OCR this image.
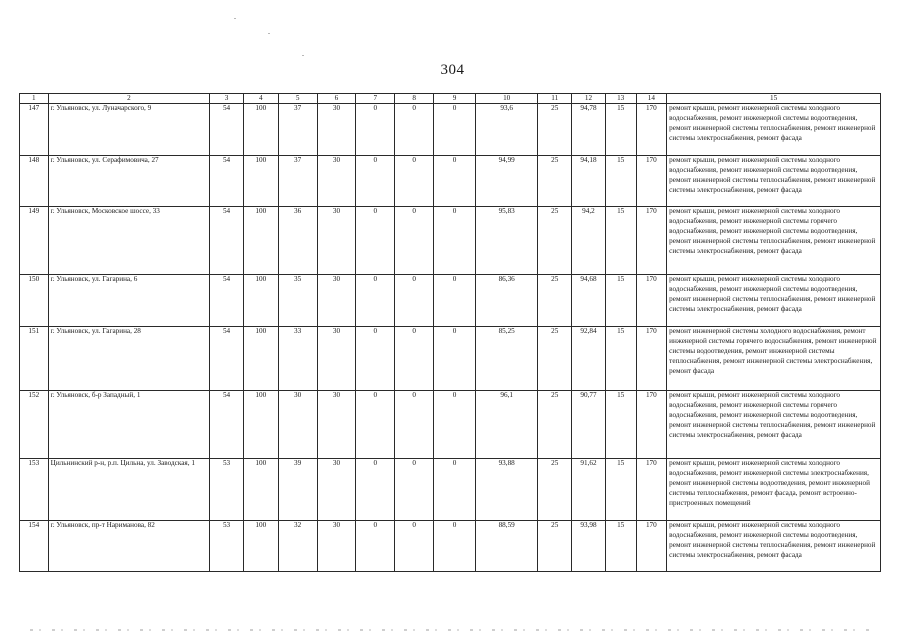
304
1	2	3	4	5	6	7	8	9	10	11	12	13	14	15
147	г. Ульяновск, ул. Луначарского, 9	54	100	37	30	0	0	0	93,6	25	94,78	15	170	ремонт крыши, ремонт инженерной системы холодного водоснабжения, ремонт инженерной системы водоотведения, ремонт инженерной системы теплоснабжения, ремонт инженерной системы электроснабжения, ремонт фасада
148	г. Ульяновск, ул. Серафимовича, 27	54	100	37	30	0	0	0	94,99	25	94,18	15	170	ремонт крыши, ремонт инженерной системы холодного водоснабжения, ремонт инженерной системы водоотведения, ремонт инженерной системы теплоснабжения, ремонт инженерной системы электроснабжения, ремонт фасада
149	г. Ульяновск, Московское шоссе, 33	54	100	36	30	0	0	0	95,83	25	94,2	15	170	ремонт крыши, ремонт инженерной системы холодного водоснабжения, ремонт инженерной системы горячего водоснабжения, ремонт инженерной системы водоотведения, ремонт инженерной системы теплоснабжения, ремонт инженерной системы электроснабжения, ремонт фасада
150	г. Ульяновск, ул. Гагарина, 6	54	100	35	30	0	0	0	86,36	25	94,68	15	170	ремонт крыши, ремонт инженерной системы холодного водоснабжения, ремонт инженерной системы водоотведения, ремонт инженерной системы теплоснабжения, ремонт инженерной системы электроснабжения, ремонт фасада
151	г. Ульяновск, ул. Гагарина, 28	54	100	33	30	0	0	0	85,25	25	92,84	15	170	ремонт инженерной системы холодного водоснабжения, ремонт инженерной системы горячего водоснабжения, ремонт инженерной системы водоотведения, ремонт инженерной системы теплоснабжения, ремонт инженерной системы электроснабжения, ремонт фасада
152	г. Ульяновск, б-р Западный, 1	54	100	30	30	0	0	0	96,1	25	90,77	15	170	ремонт крыши, ремонт инженерной системы холодного водоснабжения, ремонт инженерной системы горячего водоснабжения, ремонт инженерной системы водоотведения, ремонт инженерной системы теплоснабжения, ремонт инженерной системы электроснабжения, ремонт фасада
153	Цильнинский р-н, р.п. Цильна, ул. Заводская, 1	53	100	39	30	0	0	0	93,88	25	91,62	15	170	ремонт крыши, ремонт инженерной системы холодного водоснабжения, ремонт инженерной системы электроснабжения, ремонт инженерной системы водоотведения, ремонт инженерной системы теплоснабжения, ремонт фасада, ремонт встроенно-пристроенных помещений
154	г. Ульяновск, пр-т Нариманова, 82	53	100	32	30	0	0	0	88,59	25	93,98	15	170	ремонт крыши, ремонт инженерной системы холодного водоснабжения, ремонт инженерной системы водоотведения, ремонт инженерной системы теплоснабжения, ремонт инженерной системы электроснабжения, ремонт фасада
